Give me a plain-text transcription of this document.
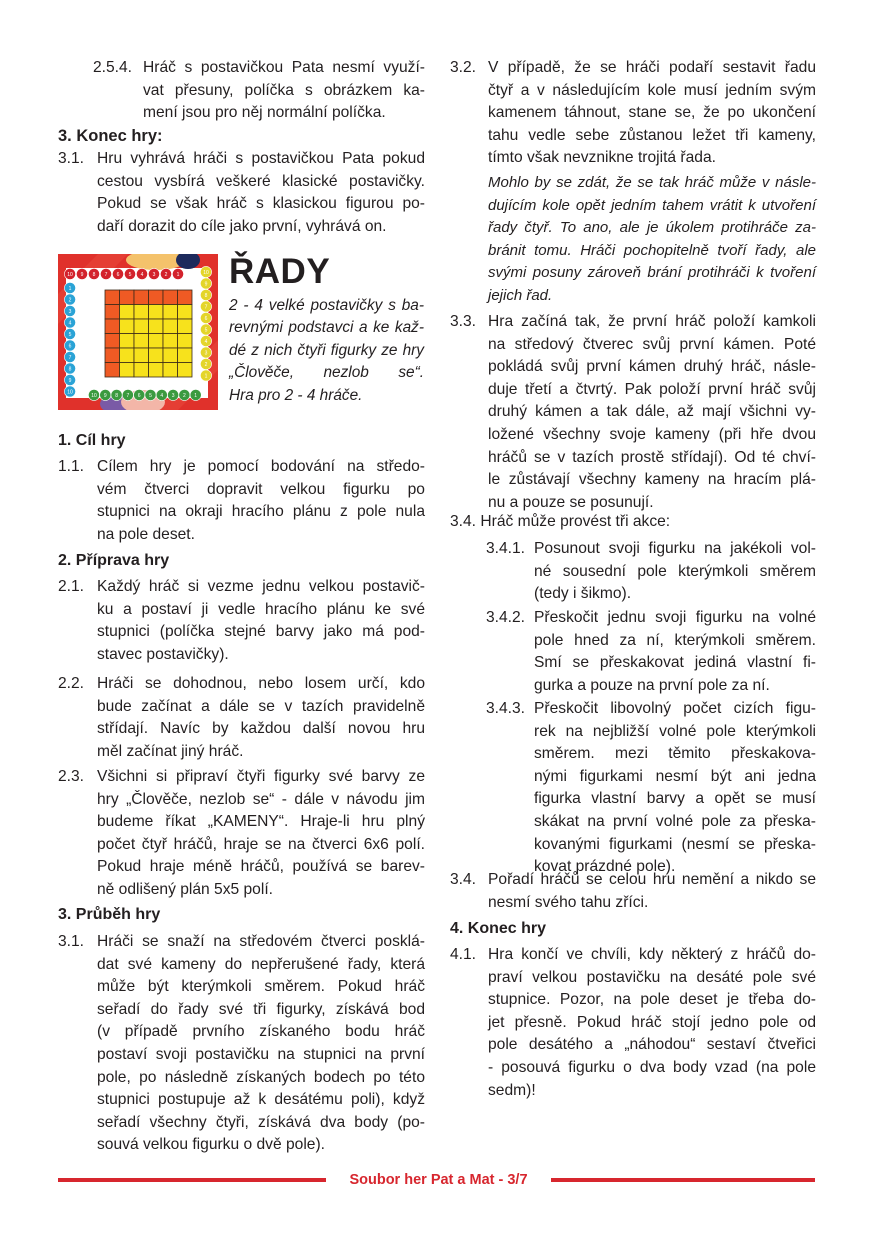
2.5.4. Hráč s postavičkou Pata nesmí využí-
vat přesuny, políčka s obrázkem ka-
mení jsou pro něj normální políčka.
3. Konec hry:
3.1. Hru vyhrává hráči s postavičkou Pata pokud
cestou vysbírá veškeré klasické postavičky.
Pokud se však hráč s klasickou figurou po-
daří dorazit do cíle jako první, vyhrává on.
10
1
10
10
9
2
9
9
8
3
8
8
7
4
7
7
6
5
6
6
5
6
5
5
4
7
4
4
3
8
3
3
2
9
2
2
1
10
1
1
ŘADY
2 - 4 velké postavičky s ba-
revnými podstavci a ke kaž-
dé z nich čtyři figurky ze hry
„Člověče, nezlob se“.
Hra pro 2 - 4 hráče.
1. Cíl hry
1.1. Cílem hry je pomocí bodování na středo-
vém čtverci dopravit velkou figurku po
stupnici na okraji hracího plánu z pole nula
na pole deset.
2. Příprava hry
2.1. Každý hráč si vezme jednu velkou postavič-
ku a postaví ji vedle hracího plánu ke své
stupnici (políčka stejné barvy jako má pod-
stavec postavičky).
2.2. Hráči se dohodnou, nebo losem určí, kdo
bude začínat a dále se v tazích pravidelně
střídají. Navíc by každou další novou hru
měl začínat jiný hráč.
2.3. Všichni si připraví čtyři figurky své barvy ze
hry „Člověče, nezlob se“ - dále v návodu jim
budeme říkat „KAMENY“. Hraje-li hru plný
počet čtyř hráčů, hraje se na čtverci 6x6 polí.
Pokud hraje méně hráčů, používá se barev-
ně odlišený plán 5x5 polí.
3. Průběh hry
3.1. Hráči se snaží na středovém čtverci posklá-
dat své kameny do nepřerušené řady, která
může být kterýmkoli směrem. Pokud hráč
seřadí do řady své tři figurky, získává bod
(v případě prvního získaného bodu hráč
postaví svoji postavičku na stupnici na první
pole, po následně získaných bodech po této
stupnici postupuje až k desátému poli), když
seřadí všechny čtyři, získává dva body (po-
souvá velkou figurku o dvě pole).
3.2. V případě, že se hráči podaří sestavit řadu
čtyř a v následujícím kole musí jedním svým
kamenem táhnout, stane se, že po ukončení
tahu vedle sebe zůstanou ležet tři kameny,
tímto však nevznikne trojitá řada.
Mohlo by se zdát, že se tak hráč může v násle-
dujícím kole opět jedním tahem vrátit k utvoření
řady čtyř. To ano, ale je úkolem protihráče za-
bránit tomu. Hráči pochopitelně tvoří řady, ale
svými posuny zároveň brání protihráči k tvoření
jejich řad.
3.3. Hra začíná tak, že první hráč položí kamkoli
na středový čtverec svůj první kámen. Poté
pokládá svůj první kámen druhý hráč, násle-
duje třetí a čtvrtý. Pak položí první hráč svůj
druhý kámen a tak dále, až mají všichni vy-
ložené všechny svoje kameny (při hře dvou
hráčů se v tazích prostě střídají). Od té chví-
le zůstávají všechny kameny na hracím plá-
nu a pouze se posunují.
3.4. Hráč může provést tři akce:
3.4.1. Posunout svoji figurku na jakékoli vol-
né sousední pole kterýmkoli směrem
(tedy i šikmo).
3.4.2. Přeskočit jednu svoji figurku na volné
pole hned za ní, kterýmkoli směrem.
Smí se přeskakovat jediná vlastní fi-
gurka a pouze na první pole za ní.
3.4.3. Přeskočit libovolný počet cizích figu-
rek na nejbližší volné pole kterýmkoli
směrem. mezi těmito přeskakova-
nými figurkami nesmí být ani jedna
figurka vlastní barvy a opět se musí
skákat na první volné pole za přeska-
kovanými figurkami (nesmí se přeska-
kovat prázdné pole).
3.4. Pořadí hráčů se celou hru nemění a nikdo se
nesmí svého tahu zříci.
4. Konec hry
4.1. Hra končí ve chvíli, kdy některý z hráčů do-
praví velkou postavičku na desáté pole své
stupnice. Pozor, na pole deset je třeba do-
jet přesně. Pokud hráč stojí jedno pole od
pole desátého a „náhodou“ sestaví čtveřici
- posouvá figurku o dva body vzad (na pole
sedm)!
Soubor her Pat a Mat - 3/7
